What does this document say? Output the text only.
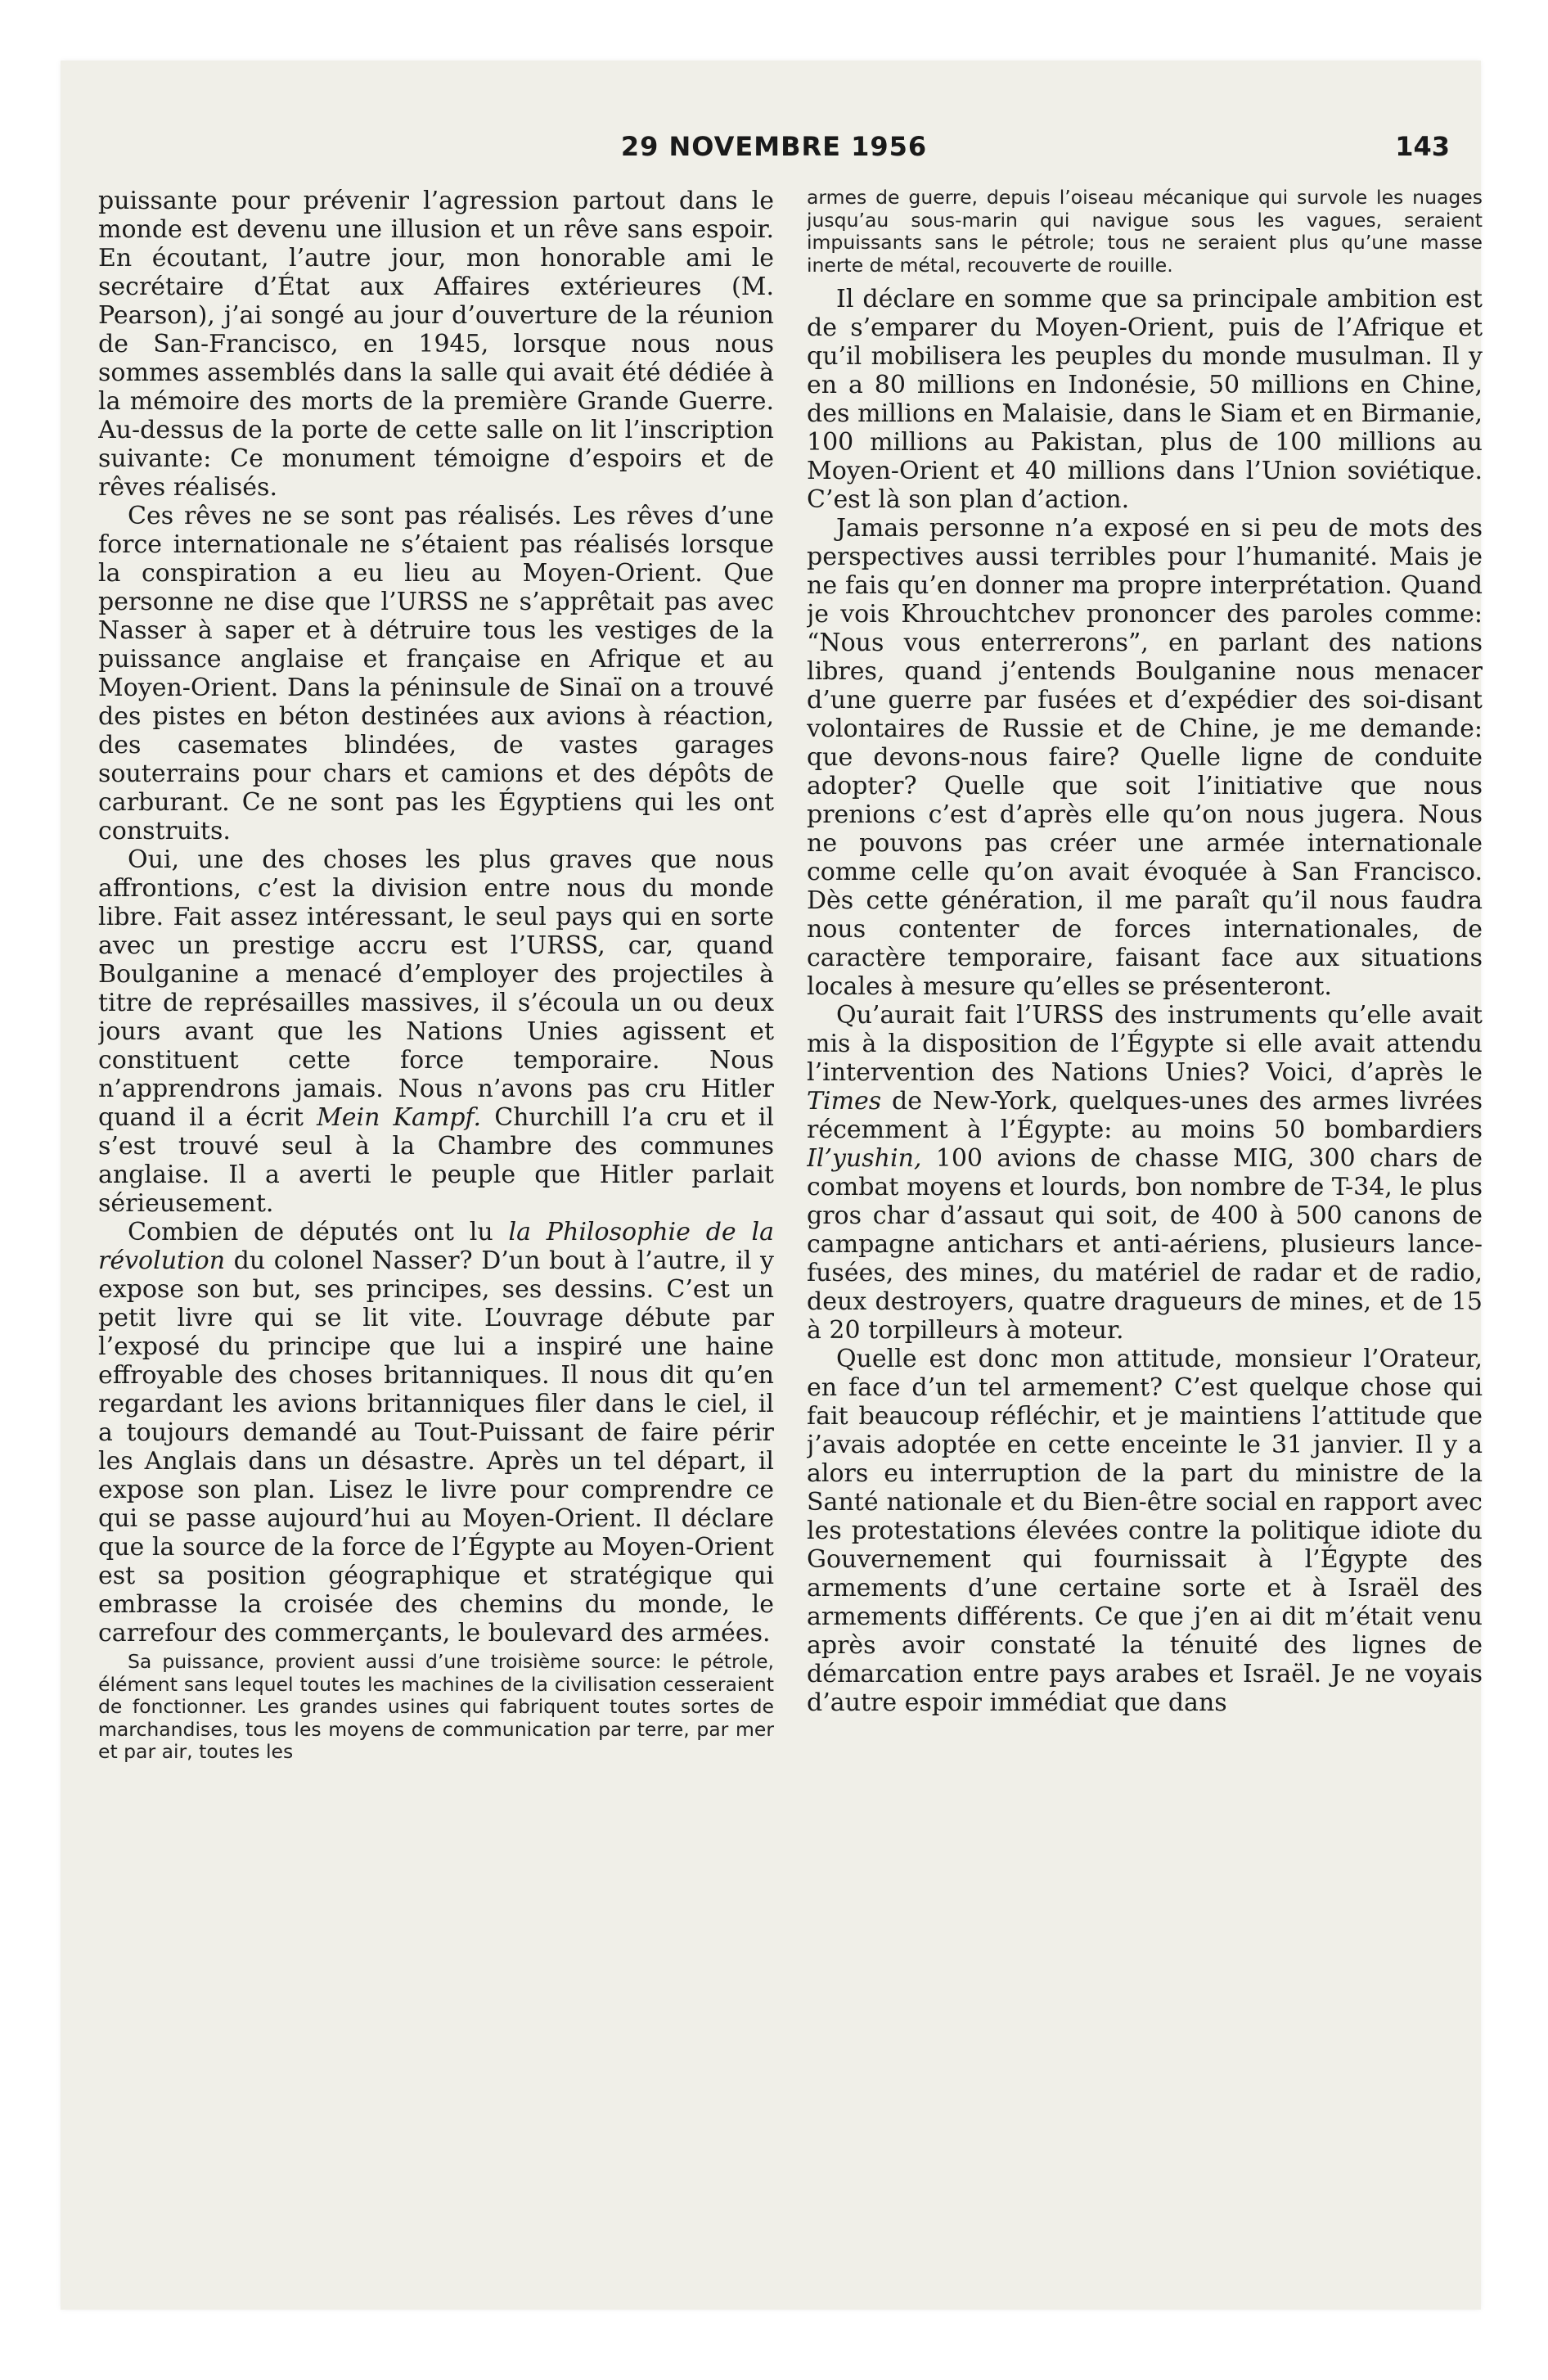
29 NOVEMBRE 1956	143

puissante pour prévenir l’agression partout dans le monde est devenu une illusion et un rêve sans espoir. En écoutant, l’autre jour, mon honorable ami le secrétaire d’État aux Affaires extérieures (M. Pearson), j’ai songé au jour d’ouverture de la réunion de San-Francisco, en 1945, lorsque nous nous sommes assemblés dans la salle qui avait été dédiée à la mémoire des morts de la première Grande Guerre. Au-dessus de la porte de cette salle on lit l’inscription suivante: Ce monument témoigne d’espoirs et de rêves réalisés.

Ces rêves ne se sont pas réalisés. Les rêves d’une force internationale ne s’étaient pas réalisés lorsque la conspiration a eu lieu au Moyen-Orient. Que personne ne dise que l’URSS ne s’apprêtait pas avec Nasser à saper et à détruire tous les vestiges de la puissance anglaise et française en Afrique et au Moyen-Orient. Dans la péninsule de Sinaï on a trouvé des pistes en béton destinées aux avions à réaction, des casemates blindées, de vastes garages souterrains pour chars et camions et des dépôts de carburant. Ce ne sont pas les Égyptiens qui les ont construits.

Oui, une des choses les plus graves que nous affrontions, c’est la division entre nous du monde libre. Fait assez intéressant, le seul pays qui en sorte avec un prestige accru est l’URSS, car, quand Boulganine a menacé d’employer des projectiles à titre de représailles massives, il s’écoula un ou deux jours avant que les Nations Unies agissent et constituent cette force temporaire. Nous n’apprendrons jamais. Nous n’avons pas cru Hitler quand il a écrit Mein Kampf. Churchill l’a cru et il s’est trouvé seul à la Chambre des communes anglaise. Il a averti le peuple que Hitler parlait sérieusement.

Combien de députés ont lu la Philosophie de la révolution du colonel Nasser? D’un bout à l’autre, il y expose son but, ses principes, ses dessins. C’est un petit livre qui se lit vite. L’ouvrage débute par l’exposé du principe que lui a inspiré une haine effroyable des choses britanniques. Il nous dit qu’en regardant les avions britanniques filer dans le ciel, il a toujours demandé au Tout-Puissant de faire périr les Anglais dans un désastre. Après un tel départ, il expose son plan. Lisez le livre pour comprendre ce qui se passe aujourd’hui au Moyen-Orient. Il déclare que la source de la force de l’Égypte au Moyen-Orient est sa position géographique et stratégique qui embrasse la croisée des chemins du monde, le carrefour des commerçants, le boulevard des armées.

Sa puissance, provient aussi d’une troisième source: le pétrole, élément sans lequel toutes les machines de la civilisation cesseraient de fonctionner. Les grandes usines qui fabriquent toutes sortes de marchandises, tous les moyens de communication par terre, par mer et par air, toutes les

armes de guerre, depuis l’oiseau mécanique qui survole les nuages jusqu’au sous-marin qui navigue sous les vagues, seraient impuissants sans le pétrole; tous ne seraient plus qu’une masse inerte de métal, recouverte de rouille.

Il déclare en somme que sa principale ambition est de s’emparer du Moyen-Orient, puis de l’Afrique et qu’il mobilisera les peuples du monde musulman. Il y en a 80 millions en Indonésie, 50 millions en Chine, des millions en Malaisie, dans le Siam et en Birmanie, 100 millions au Pakistan, plus de 100 millions au Moyen-Orient et 40 millions dans l’Union soviétique. C’est là son plan d’action.

Jamais personne n’a exposé en si peu de mots des perspectives aussi terribles pour l’humanité. Mais je ne fais qu’en donner ma propre interprétation. Quand je vois Khrouchtchev prononcer des paroles comme: “Nous vous enterrerons”, en parlant des nations libres, quand j’entends Boulganine nous menacer d’une guerre par fusées et d’expédier des soi-disant volontaires de Russie et de Chine, je me demande: que devons-nous faire? Quelle ligne de conduite adopter? Quelle que soit l’initiative que nous prenions c’est d’après elle qu’on nous jugera. Nous ne pouvons pas créer une armée internationale comme celle qu’on avait évoquée à San Francisco. Dès cette génération, il me paraît qu’il nous faudra nous contenter de forces internationales, de caractère temporaire, faisant face aux situations locales à mesure qu’elles se présenteront.

Qu’aurait fait l’URSS des instruments qu’elle avait mis à la disposition de l’Égypte si elle avait attendu l’intervention des Nations Unies? Voici, d’après le Times de New-York, quelques-unes des armes livrées récemment à l’Égypte: au moins 50 bombardiers Il’yushin, 100 avions de chasse MIG, 300 chars de combat moyens et lourds, bon nombre de T-34, le plus gros char d’assaut qui soit, de 400 à 500 canons de campagne antichars et anti-aériens, plusieurs lance-fusées, des mines, du matériel de radar et de radio, deux destroyers, quatre dragueurs de mines, et de 15 à 20 torpilleurs à moteur.

Quelle est donc mon attitude, monsieur l’Orateur, en face d’un tel armement? C’est quelque chose qui fait beaucoup réfléchir, et je maintiens l’attitude que j’avais adoptée en cette enceinte le 31 janvier. Il y a alors eu interruption de la part du ministre de la Santé nationale et du Bien-être social en rapport avec les protestations élevées contre la politique idiote du Gouvernement qui fournissait à l’Égypte des armements d’une certaine sorte et à Israël des armements différents. Ce que j’en ai dit m’était venu après avoir constaté la ténuité des lignes de démarcation entre pays arabes et Israël. Je ne voyais d’autre espoir immédiat que dans
